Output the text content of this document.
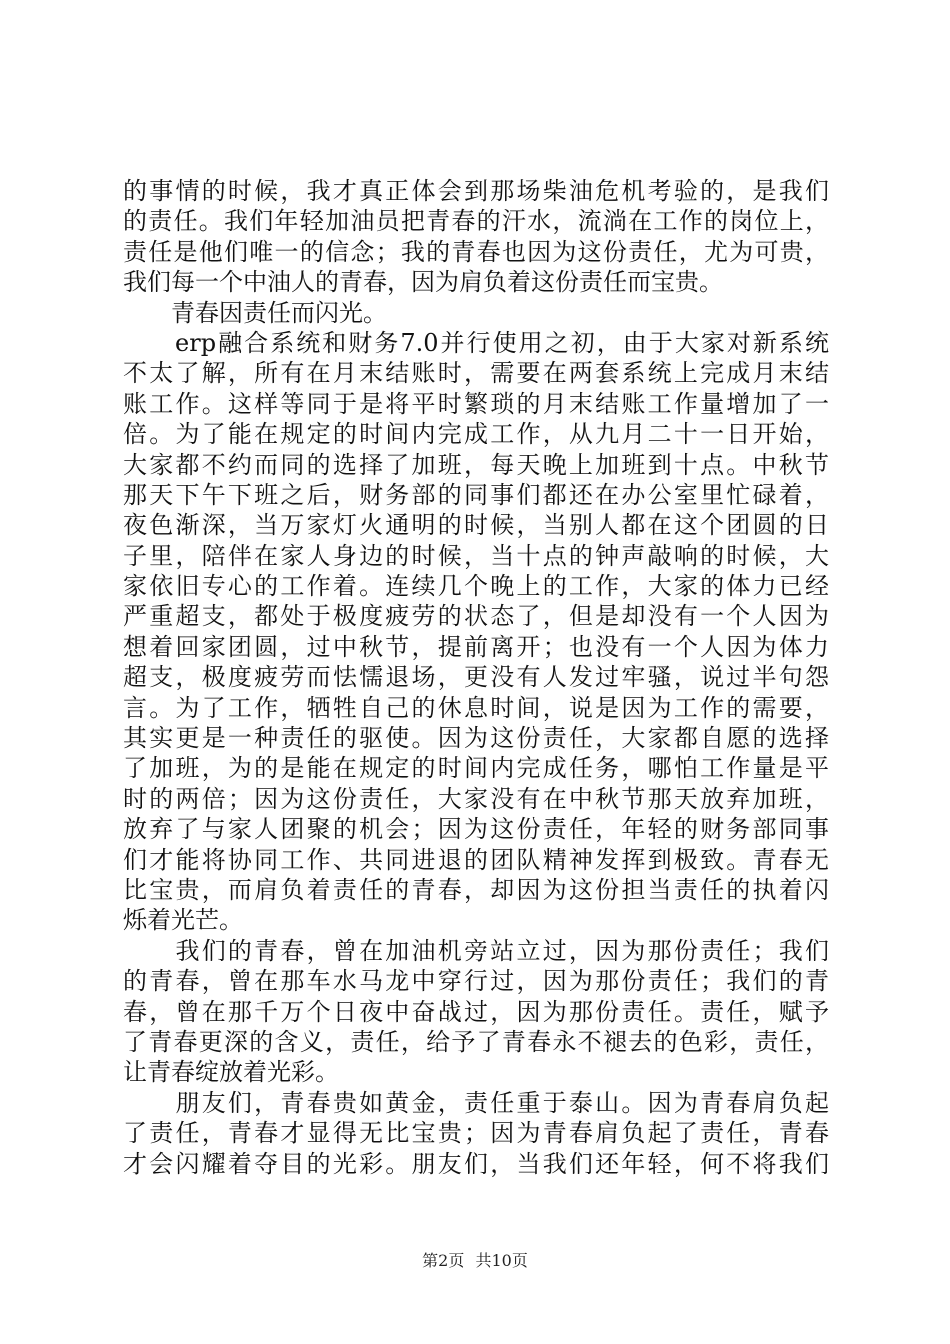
的事情的时候，我才真正体会到那场柴油危机考验的，是我们
的责任。我们年轻加油员把青春的汗水，流淌在工作的岗位上，
责任是他们唯一的信念；我的青春也因为这份责任，尤为可贵，
我们每一个中油人的青春，因为肩负着这份责任而宝贵。
　　青春因责任而闪光。
　　erp融合系统和财务7.0并行使用之初，由于大家对新系统
不太了解，所有在月末结账时，需要在两套系统上完成月末结
账工作。这样等同于是将平时繁琐的月末结账工作量增加了一
倍。为了能在规定的时间内完成工作，从九月二十一日开始，
大家都不约而同的选择了加班，每天晚上加班到十点。中秋节
那天下午下班之后，财务部的同事们都还在办公室里忙碌着，
夜色渐深，当万家灯火通明的时候，当别人都在这个团圆的日
子里，陪伴在家人身边的时候，当十点的钟声敲响的时候，大
家依旧专心的工作着。连续几个晚上的工作，大家的体力已经
严重超支，都处于极度疲劳的状态了，但是却没有一个人因为
想着回家团圆，过中秋节，提前离开；也没有一个人因为体力
超支，极度疲劳而怯懦退场，更没有人发过牢骚，说过半句怨
言。为了工作，牺牲自己的休息时间，说是因为工作的需要，
其实更是一种责任的驱使。因为这份责任，大家都自愿的选择
了加班，为的是能在规定的时间内完成任务，哪怕工作量是平
时的两倍；因为这份责任，大家没有在中秋节那天放弃加班，
放弃了与家人团聚的机会；因为这份责任，年轻的财务部同事
们才能将协同工作、共同进退的团队精神发挥到极致。青春无
比宝贵，而肩负着责任的青春，却因为这份担当责任的执着闪
烁着光芒。
　　我们的青春，曾在加油机旁站立过，因为那份责任；我们
的青春，曾在那车水马龙中穿行过，因为那份责任；我们的青
春，曾在那千万个日夜中奋战过，因为那份责任。责任，赋予
了青春更深的含义，责任，给予了青春永不褪去的色彩，责任，
让青春绽放着光彩。
　　朋友们，青春贵如黄金，责任重于泰山。因为青春肩负起
了责任，青春才显得无比宝贵；因为青春肩负起了责任，青春
才会闪耀着夺目的光彩。朋友们，当我们还年轻，何不将我们
第2页 共10页
